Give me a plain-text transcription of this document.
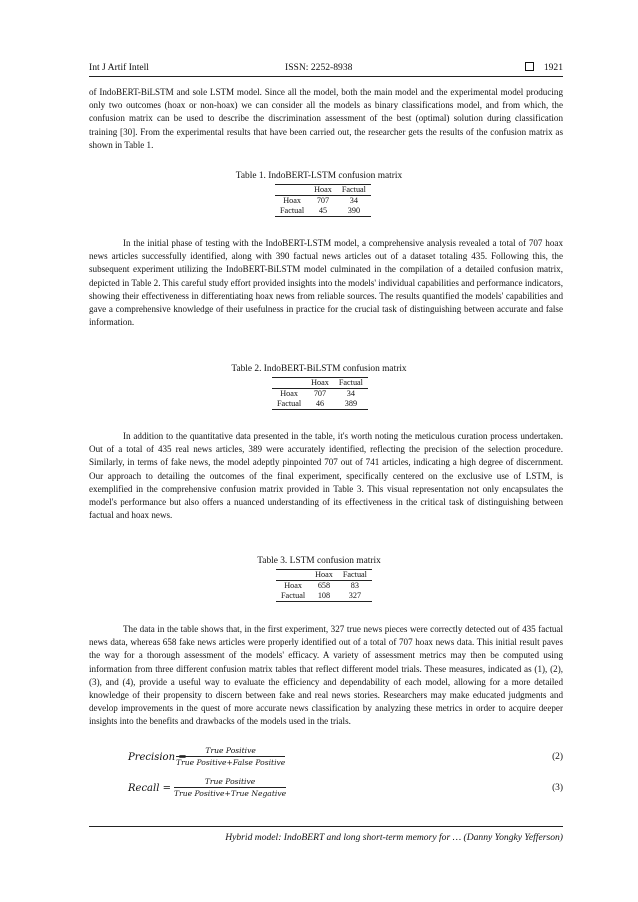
Int J Artif Intell	ISSN: 2252-8938	1921

of IndoBERT-BiLSTM and sole LSTM model. Since all the model, both the main model and the experimental model producing only two outcomes (hoax or non-hoax) we can consider all the models as binary classifications model, and from which, the confusion matrix can be used to describe the discrimination assessment of the best (optimal) solution during classification training [30]. From the experimental results that have been carried out, the researcher gets the results of the confusion matrix as shown in Table 1.

Table 1. IndoBERT-LSTM confusion matrix
	Hoax	Factual
Hoax	707	34
Factual	45	390

In the initial phase of testing with the IndoBERT-LSTM model, a comprehensive analysis revealed a total of 707 hoax news articles successfully identified, along with 390 factual news articles out of a dataset totaling 435. Following this, the subsequent experiment utilizing the IndoBERT-BiLSTM model culminated in the compilation of a detailed confusion matrix, depicted in Table 2. This careful study effort provided insights into the models' individual capabilities and performance indicators, showing their effectiveness in differentiating hoax news from reliable sources. The results quantified the models' capabilities and gave a comprehensive knowledge of their usefulness in practice for the crucial task of distinguishing between accurate and false information.

Table 2. IndoBERT-BiLSTM confusion matrix
	Hoax	Factual
Hoax	707	34
Factual	46	389

In addition to the quantitative data presented in the table, it's worth noting the meticulous curation process undertaken. Out of a total of 435 real news articles, 389 were accurately identified, reflecting the precision of the selection procedure. Similarly, in terms of fake news, the model adeptly pinpointed 707 out of 741 articles, indicating a high degree of discernment. Our approach to detailing the outcomes of the final experiment, specifically centered on the exclusive use of LSTM, is exemplified in the comprehensive confusion matrix provided in Table 3. This visual representation not only encapsulates the model's performance but also offers a nuanced understanding of its effectiveness in the critical task of distinguishing between factual and hoax news.

Table 3. LSTM confusion matrix
	Hoax	Factual
Hoax	658	83
Factual	108	327

The data in the table shows that, in the first experiment, 327 true news pieces were correctly detected out of 435 factual news data, whereas 658 fake news articles were properly identified out of a total of 707 hoax news data. This initial result paves the way for a thorough assessment of the models' efficacy. A variety of assessment metrics may then be computed using information from three different confusion matrix tables that reflect different model trials. These measures, indicated as (1), (2), (3), and (4), provide a useful way to evaluate the efficiency and dependability of each model, allowing for a more detailed knowledge of their propensity to discern between fake and real news stories. Researchers may make educated judgments and develop improvements in the quest of more accurate news classification by analyzing these metrics in order to acquire deeper insights into the benefits and drawbacks of the models used in the trials.

Precision =
True Positive
True Positive+False Positive
(2)
Recall =
True Positive
True Positive+True Negative
(3)
Hybrid model: IndoBERT and long short-term memory for … (Danny Yongky Yefferson)
